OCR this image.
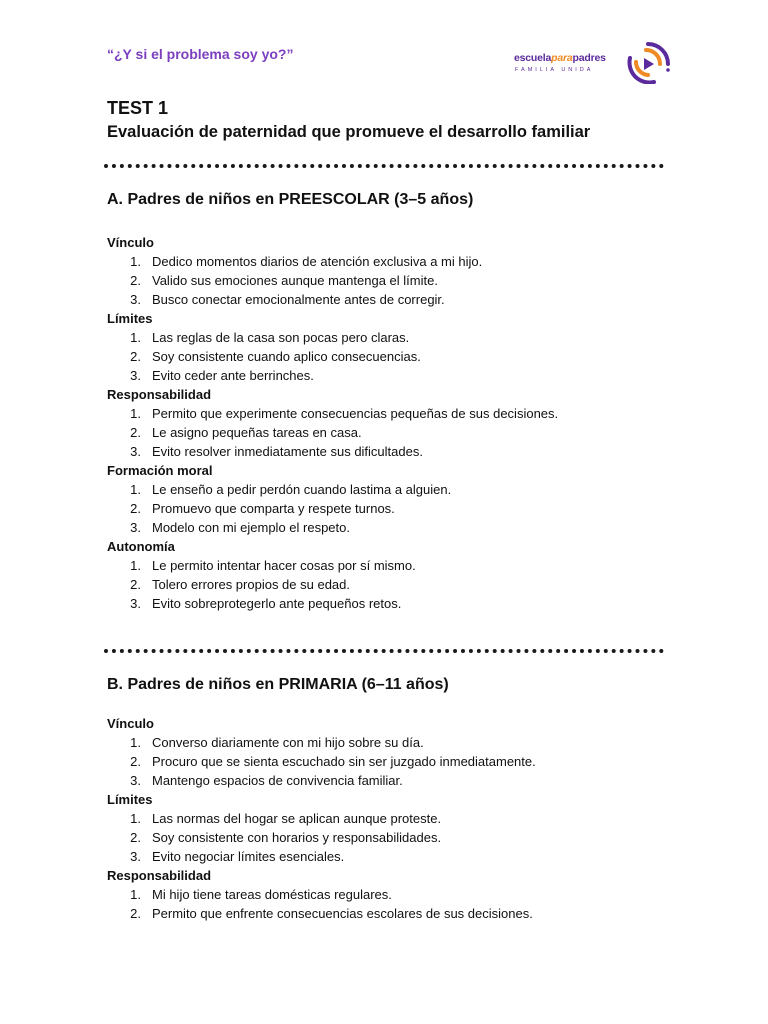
“¿Y si el problema soy yo?”	escuelaparapadres
FAMILIA UNIDA
TEST 1
Evaluación de paternidad que promueve el desarrollo familiar
A. Padres de niños en PREESCOLAR (3–5 años)
Vínculo
1. Dedico momentos diarios de atención exclusiva a mi hijo.
2. Valido sus emociones aunque mantenga el límite.
3. Busco conectar emocionalmente antes de corregir.
Límites
1. Las reglas de la casa son pocas pero claras.
2. Soy consistente cuando aplico consecuencias.
3. Evito ceder ante berrinches.
Responsabilidad
1. Permito que experimente consecuencias pequeñas de sus decisiones.
2. Le asigno pequeñas tareas en casa.
3. Evito resolver inmediatamente sus dificultades.
Formación moral
1. Le enseño a pedir perdón cuando lastima a alguien.
2. Promuevo que comparta y respete turnos.
3. Modelo con mi ejemplo el respeto.
Autonomía
1. Le permito intentar hacer cosas por sí mismo.
2. Tolero errores propios de su edad.
3. Evito sobreprotegerlo ante pequeños retos.
B. Padres de niños en PRIMARIA (6–11 años)
Vínculo
1. Converso diariamente con mi hijo sobre su día.
2. Procuro que se sienta escuchado sin ser juzgado inmediatamente.
3. Mantengo espacios de convivencia familiar.
Límites
1. Las normas del hogar se aplican aunque proteste.
2. Soy consistente con horarios y responsabilidades.
3. Evito negociar límites esenciales.
Responsabilidad
1. Mi hijo tiene tareas domésticas regulares.
2. Permito que enfrente consecuencias escolares de sus decisiones.
